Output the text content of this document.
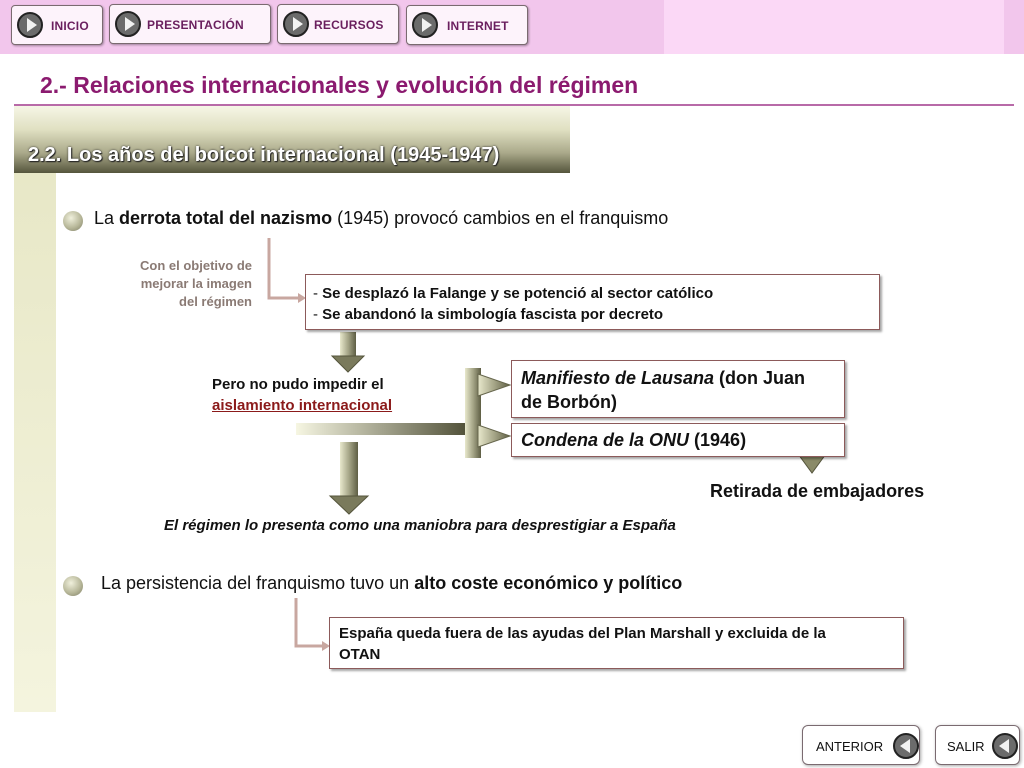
INICIO	PRESENTACIÓN	RECURSOS	INTERNET
2.- Relaciones internacionales y evolución del régimen
2.2. Los años del boicot internacional (1945-1947)
La derrota total del nazismo (1945) provocó cambios en el franquismo
Con el objetivo de
mejorar la imagen
del régimen	- Se desplazó la Falange y se potenció al sector católico
- Se abandonó la simbología fascista por decreto
Pero no pudo impedir el
aislamiento internacional
Manifiesto de Lausana (don Juan
de Borbón)
Condena de la ONU (1946)
Retirada de embajadores
El régimen lo presenta como una maniobra para desprestigiar a España
La persistencia del franquismo tuvo un alto coste económico y político
España queda fuera de las ayudas del Plan Marshall y excluida de la
OTAN
ANTERIOR	SALIR
